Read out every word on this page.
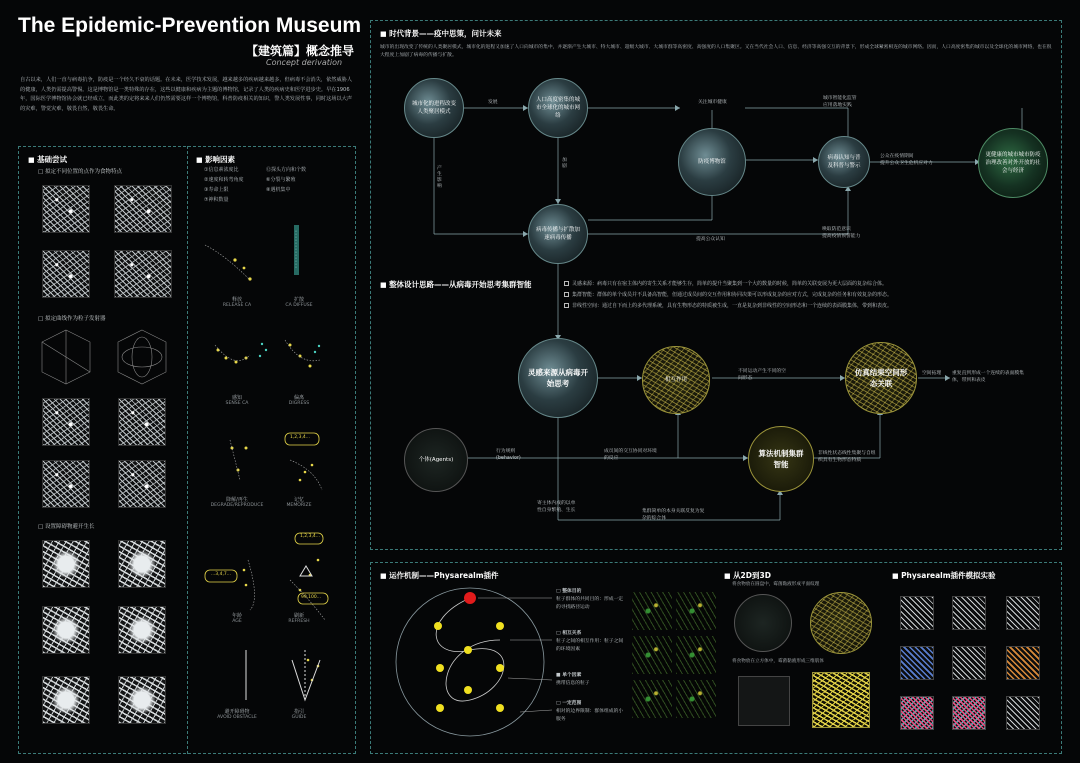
The Epidemic-Prevention Museum
【建筑篇】概念推导
Concept derivation
自古以来，人们一直与病毒抗争，防疫是一个经久不衰的话题。在未来，医学技术发展，越来越多的疾病越来越多，但病毒不会消失，依然威胁人的健康，人类仍需提高警惕。这是博物馆是一类特殊的存在，这些以健康和疾病为主题的博物馆，记录了人类的疾病史和医学进步史。早在1906年，国际医学博物馆协会就已经成立，而此类的定将来来人们仍然需要这样一个博物馆，科普防疫相关的知识，警人类发展性事，同时这场以大声的灾难，警觉灾难，敬畏自然，敬畏生命。
■ 基础尝试
□ 拟定不同位置的点作为食物特点
□ 拟定曲线作为粒子发射器
□ 设置障碍物避开生长
■ 影响因素
①信息素浓度比
②速度和转弯角度
③寿命上限
⑦神积数量
⑫探头方向和个数
⑥分裂与繁殖
⑧遇机集中
1,2,3,4...
...3,4,7...
99,100...
1,2,3,4...
释放
RELEASE CA
扩散
CA DIFFUSE
感知
SENSE CA
偏离
DIGRESS
降解/再生
DEGRADE/REPRODUCE
记忆
MEMORIZE
年龄
AGE
刷新
REFRESH
避开障碍物
AVOID OBSTACLE
指引
GUIDE
■ 时代背景——疫中思策，问计未来
城市的出现改变了传统的人类聚居模式，城市化的进程又加速了人口向城市的集中，并逐渐产生大城市、特大城市、超级大城市、大城市群等高密度、高强度的人口集聚区。又在当代社会人口、信息、经济等高强交互的背景下，形成全球紧密相连的城市网络。因而，人口高度密集的城市以及全球化的城市网络，也在很大程度上加剧了病毒的传播与扩散。
城市化的进程改变人类聚居模式
人口高度密集的城市全球化的城市网络
防疫博物馆
病毒认知与普及科普与警示
更健康的城市城市防疫治理改善对外开放的社会与经济
病毒传播与扩散加速病毒传播
发展	关注城市健康
城市智能化监管
应用落地实践
公众在疫情期间
提升公众卫生危机应对力
提高公众认知
唤取防范意识
提高疫情预警能力
产生影响
加剧
■ 整体设计思路——从病毒开始思考集群智能	灵感来源：病毒只有在宿主体内的寄生关系才能够生存，简单的提升当聚集到一个大的数量的时候，简单的关联变展为更大层面的复杂综合体。
集群智能：群体的单个成员并不具备高智能，但通过成员间的交互作用和协同决策可以形成复杂的应对方式，完成复杂的任务和有效复杂的形态。
非线性空间：通过自下而上的多代理系统，具有生物形态的特质被生成，一直是复杂到非线性的空间形态和一个连续的表面膜集体，带到和表皮。
灵感来源从病毒开始思考
个体(Agents)
相互作用
算法机制集群智能
仿真结果空间形态关联
行为规则(behavior)
成员间的交互协同对环境的反应
不同运动产生不同的空间形态
非线性状态线性集聚与自组织具有生物形态特质
空间拓理 重复直到形成一个连续的表面膜集体，带到和表皮
寄主体内成的以单性自身繁殖、生长	集群简单的本身关联反复为复杂的综合体
■ 运作机制——Physarealm插件
□ 整体目的
粒子群体的共同目的：形成一定的寻找路径运动
□ 相互关系
粒子之间的相互作用：粒子之间的环境因素
■ 单个因素
携带信息的粒子
□ 一定范围
相对的边界限制：群体组成的小服务
■ 从2D到3D
将食物放在圆盘中，霉菌黏液形成平面纹理
将食物放在立方体中，霉菌黏液形成三维肌体
■ Physarealm插件模拟实验
